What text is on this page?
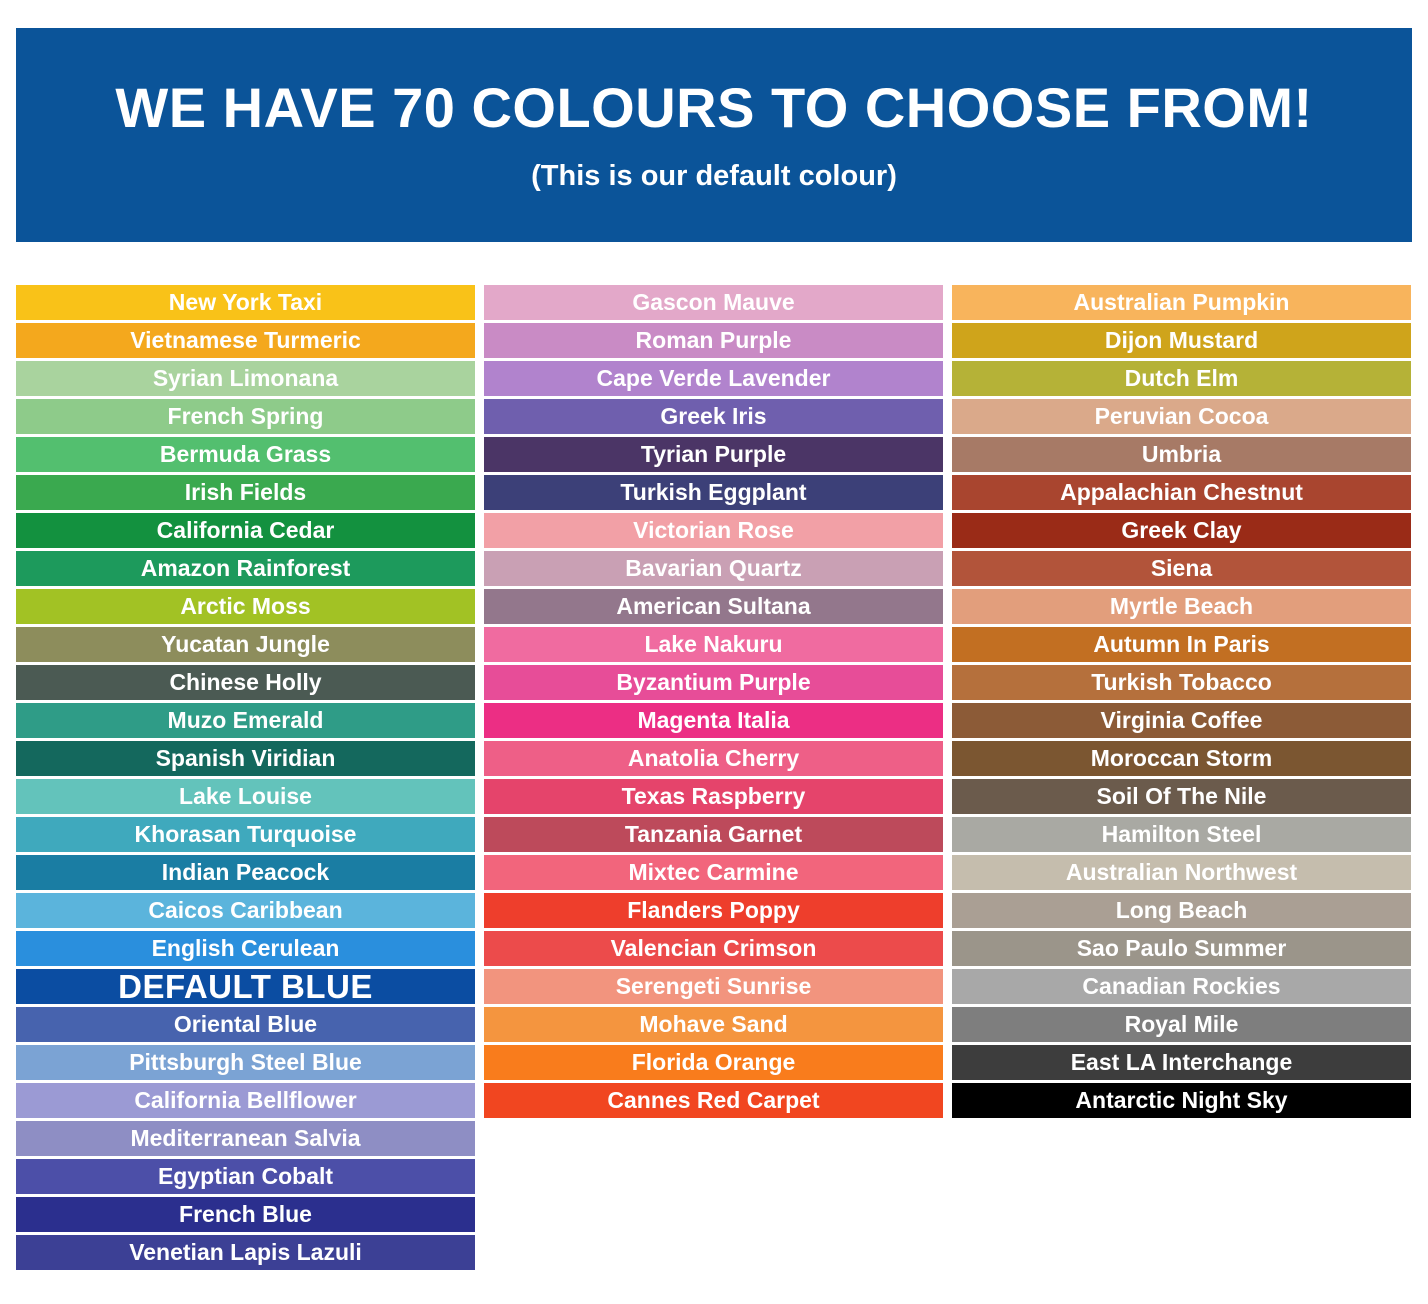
WE HAVE 70 COLOURS TO CHOOSE FROM!
(This is our default colour)
New York Taxi
Vietnamese Turmeric
Syrian Limonana
French Spring
Bermuda Grass
Irish Fields
California Cedar
Amazon Rainforest
Arctic Moss
Yucatan Jungle
Chinese Holly
Muzo Emerald
Spanish Viridian
Lake Louise
Khorasan Turquoise
Indian Peacock
Caicos Caribbean
English Cerulean
DEFAULT BLUE
Oriental Blue
Pittsburgh Steel Blue
California Bellflower
Mediterranean Salvia
Egyptian Cobalt
French Blue
Venetian Lapis Lazuli
Gascon Mauve
Roman Purple
Cape Verde Lavender
Greek Iris
Tyrian Purple
Turkish Eggplant
Victorian Rose
Bavarian Quartz
American Sultana
Lake Nakuru
Byzantium Purple
Magenta Italia
Anatolia Cherry
Texas Raspberry
Tanzania Garnet
Mixtec Carmine
Flanders Poppy
Valencian Crimson
Serengeti Sunrise
Mohave Sand
Florida Orange
Cannes Red Carpet
Australian Pumpkin
Dijon Mustard
Dutch Elm
Peruvian Cocoa
Umbria
Appalachian Chestnut
Greek Clay
Siena
Myrtle Beach
Autumn In Paris
Turkish Tobacco
Virginia Coffee
Moroccan Storm
Soil Of The Nile
Hamilton Steel
Australian Northwest
Long Beach
Sao Paulo Summer
Canadian Rockies
Royal Mile
East LA Interchange
Antarctic Night Sky
